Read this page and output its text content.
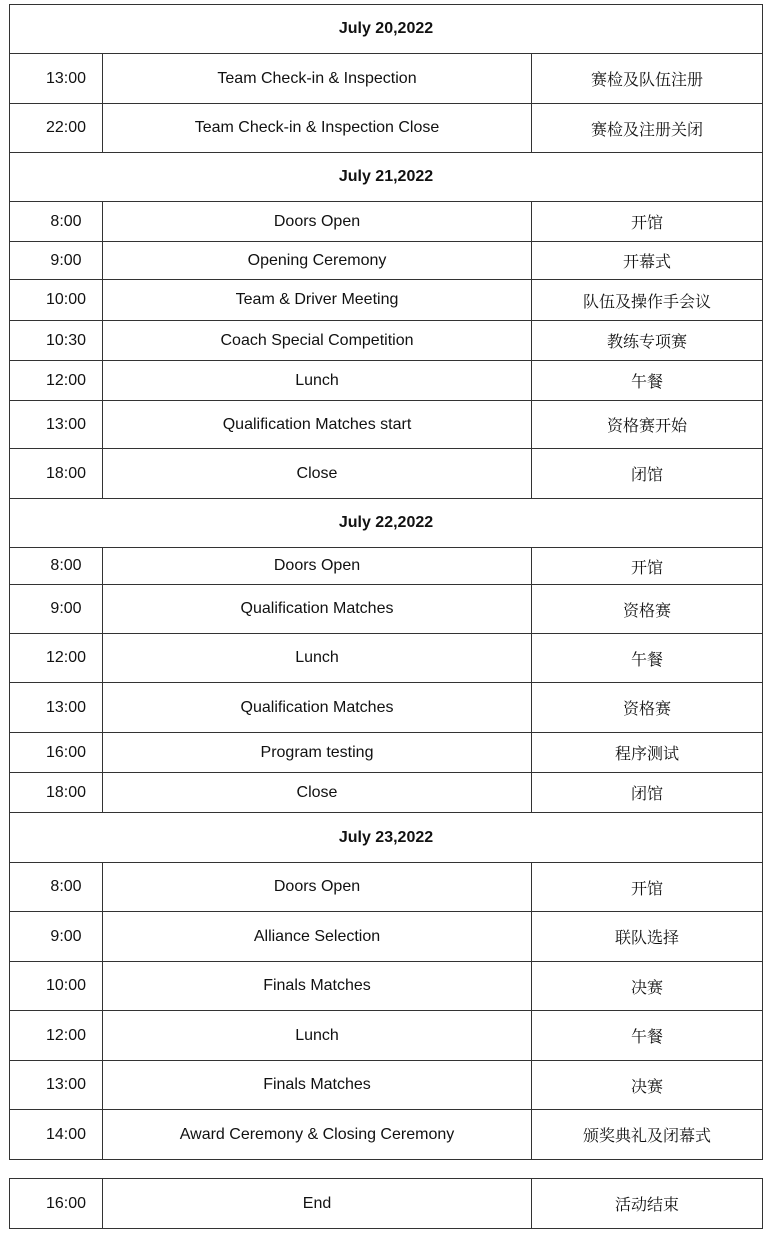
July 20,2022		
13:00	Team Check-in & Inspection	赛检及队伍注册
22:00	Team Check-in & Inspection Close	赛检及注册关闭
July 21,2022		
8:00	Doors Open	开馆
9:00	Opening Ceremony	开幕式
10:00	Team & Driver Meeting	队伍及操作手会议
10:30	Coach Special Competition	教练专项赛
12:00	Lunch	午餐
13:00	Qualification Matches start	资格赛开始
18:00	Close	闭馆
July 22,2022		
8:00	Doors Open	开馆
9:00	Qualification Matches	资格赛
12:00	Lunch	午餐
13:00	Qualification Matches	资格赛
16:00	Program testing	程序测试
18:00	Close	闭馆
July 23,2022		
8:00	Doors Open	开馆
9:00	Alliance Selection	联队选择
10:00	Finals Matches	决赛
12:00	Lunch	午餐
13:00	Finals Matches	决赛
14:00	Award Ceremony & Closing Ceremony	颁奖典礼及闭幕式
16:00	End	活动结束
